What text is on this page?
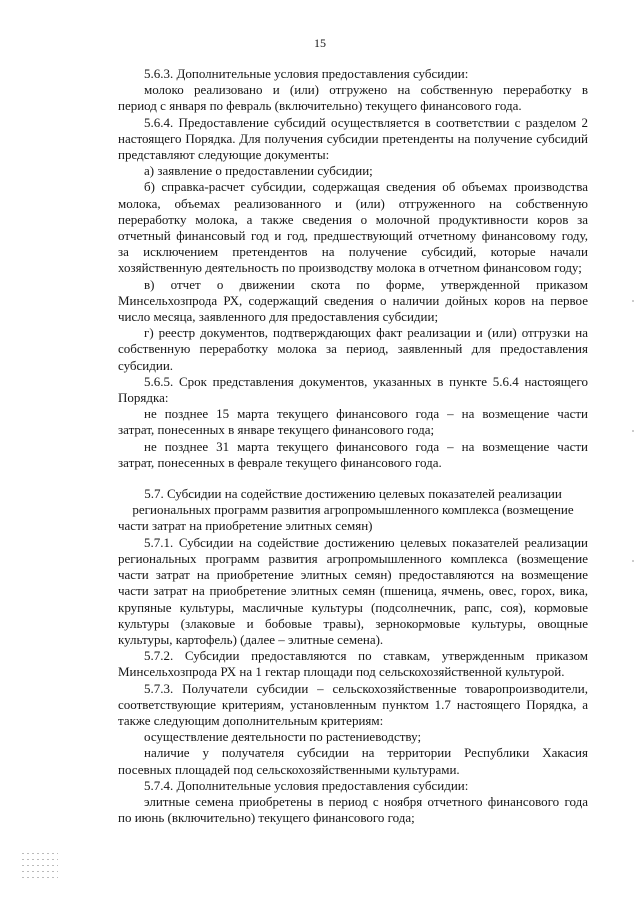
15

5.6.3. Дополнительные условия предоставления субсидии:

молоко реализовано и (или) отгружено на собственную переработку в
период с января по февраль (включительно) текущего финансового года.

5.6.4. Предоставление субсидий осуществляется в соответствии с разделом 2
настоящего Порядка. Для получения субсидии претенденты на получение субсидий
представляют следующие документы:

а) заявление о предоставлении субсидии;

б) справка-расчет субсидии, содержащая сведения об объемах производства
молока, объемах реализованного и (или) отгруженного на собственную
переработку молока, а также сведения о молочной продуктивности коров за
отчетный финансовый год и год, предшествующий отчетному финансовому году,
за исключением претендентов на получение субсидий, которые начали
хозяйственную деятельность по производству молока в отчетном финансовом году;

в) отчет о движении скота по форме, утвержденной приказом
Минсельхозпрода РХ, содержащий сведения о наличии дойных коров на первое
число месяца, заявленного для предоставления субсидии;

г) реестр документов, подтверждающих факт реализации и (или) отгрузки на
собственную переработку молока за период, заявленный для предоставления
субсидии.

5.6.5. Срок представления документов, указанных в пункте 5.6.4 настоящего
Порядка:

не позднее 15 марта текущего финансового года – на возмещение части
затрат, понесенных в январе текущего финансового года;

не позднее 31 марта текущего финансового года – на возмещение части
затрат, понесенных в феврале текущего финансового года.

5.7. Субсидии на содействие достижению целевых показателей реализации
региональных программ развития агропромышленного комплекса (возмещение
части затрат на приобретение элитных семян)

5.7.1. Субсидии на содействие достижению целевых показателей реализации
региональных программ развития агропромышленного комплекса (возмещение
части затрат на приобретение элитных семян) предоставляются на возмещение
части затрат на приобретение элитных семян (пшеница, ячмень, овес, горох, вика,
крупяные культуры, масличные культуры (подсолнечник, рапс, соя), кормовые
культуры (злаковые и бобовые травы), зернокормовые культуры, овощные
культуры, картофель) (далее – элитные семена).

5.7.2. Субсидии предоставляются по ставкам, утвержденным приказом
Минсельхозпрода РХ на 1 гектар площади под сельскохозяйственной культурой.

5.7.3. Получатели субсидии – сельскохозяйственные товаропроизводители,
соответствующие критериям, установленным пунктом 1.7 настоящего Порядка, а
также следующим дополнительным критериям:

осуществление деятельности по растениеводству;

наличие у получателя субсидии на территории Республики Хакасия
посевных площадей под сельскохозяйственными культурами.

5.7.4. Дополнительные условия предоставления субсидии:

элитные семена приобретены в период с ноября отчетного финансового года
по июнь (включительно) текущего финансового года;
